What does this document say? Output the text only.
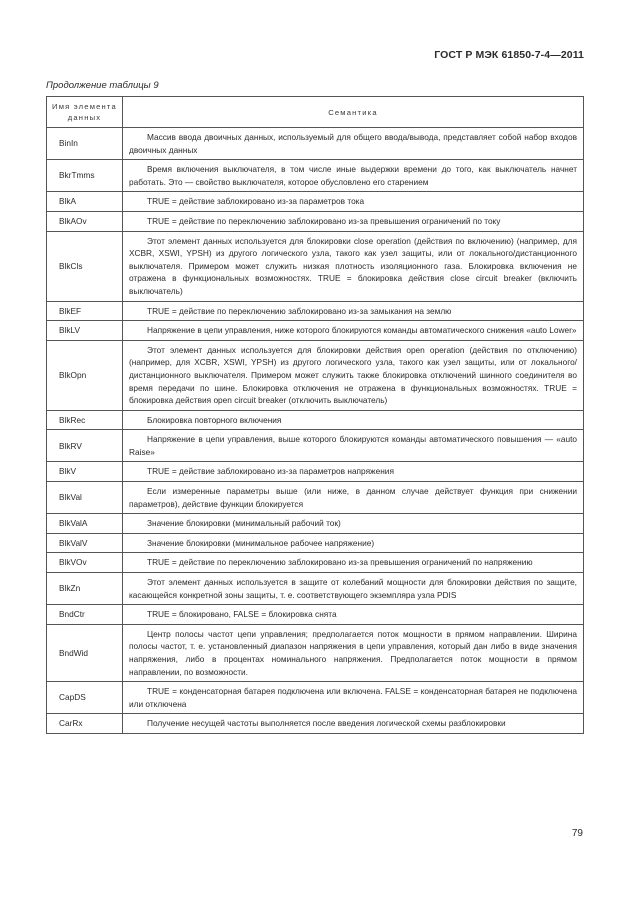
ГОСТ Р МЭК 61850-7-4—2011
Продолжение таблицы 9
Имя элемента данных	Семантика
BinIn	Массив ввода двоичных данных, используемый для общего ввода/вывода, представляет собой набор входов двоичных данных
BkrTmms	Время включения выключателя, в том числе иные выдержки времени до того, как выключатель начнет работать. Это — свойство выключателя, которое обусловлено его старением
BlkA	TRUE = действие заблокировано из-за параметров тока
BlkAOv	TRUE = действие по переключению заблокировано из-за превышения ограничений по току
BlkCls	Этот элемент данных используется для блокировки close operation (действия по включению) (например, для XCBR, XSWI, YPSH) из другого логического узла, такого как узел защиты, или от локального/дистанционного выключателя. Примером может служить низкая плотность изоляционного газа. Блокировка включения не отражена в функциональных возможностях. TRUE = блокировка действия close circuit breaker (включить выключатель)
BlkEF	TRUE = действие по переключению заблокировано из-за замыкания на землю
BlkLV	Напряжение в цепи управления, ниже которого блокируются команды автоматического снижения «auto Lower»
BlkOpn	Этот элемент данных используется для блокировки действия open operation (действия по отключению) (например, для XCBR, XSWI, YPSH) из другого логического узла, такого как узел защиты, или от локального/дистанционного выключателя. Примером может служить также блокировка отключений шинного соединителя во время передачи по шине. Блокировка отключения не отражена в функциональных возможностях. TRUE = блокировка действия open circuit breaker (отключить выключатель)
BlkRec	Блокировка повторного включения
BlkRV	Напряжение в цепи управления, выше которого блокируются команды автоматического повышения — «auto Raise»
BlkV	TRUE = действие заблокировано из-за параметров напряжения
BlkVal	Если измеренные параметры выше (или ниже, в данном случае действует функция при снижении параметров), действие функции блокируется
BlkValA	Значение блокировки (минимальный рабочий ток)
BlkValV	Значение блокировки (минимальное рабочее напряжение)
BlkVOv	TRUE = действие по переключению заблокировано из-за превышения ограничений по напряжению
BlkZn	Этот элемент данных используется в защите от колебаний мощности для блокировки действия по защите, касающейся конкретной зоны защиты, т. е. соответствующего экземпляра узла PDIS
BndCtr	TRUE = блокировано, FALSE = блокировка снята
BndWid	Центр полосы частот цепи управления; предполагается поток мощности в прямом направлении. Ширина полосы частот, т. е. установленный диапазон напряжения в цепи управления, который дан либо в виде значения напряжения, либо в процентах номинального напряжения. Предполагается поток мощности в прямом направлении, по возможности.
CapDS	TRUE = конденсаторная батарея подключена или включена. FALSE = конденсаторная батарея не подключена или отключена
CarRx	Получение несущей частоты выполняется после введения логической схемы разблокировки
79
